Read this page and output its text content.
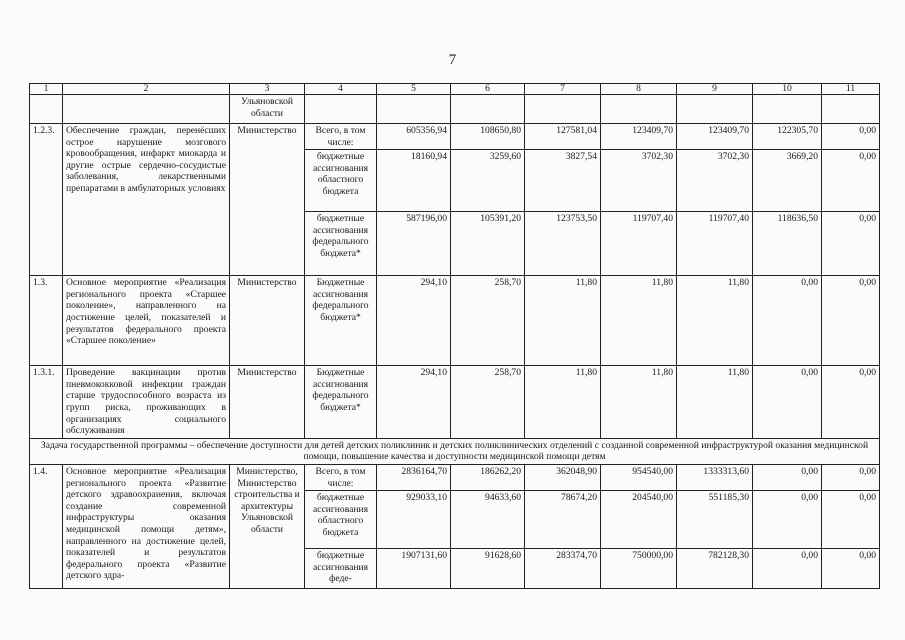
7
1	2	3	4	5	6	7	8	9	10	11
		Ульяновской области								
1.2.3.	Обеспечение граждан, перенёсших острое нарушение мозгового кровообращения, инфаркт миокарда и другие острые сердечно-сосудистые заболевания, лекарственными препаратами в амбулаторных условиях	Министерство	Всего, в том числе:	605356,94	108650,80	127581,04	123409,70	123409,70	122305,70	0,00
			бюджетные ассигнования областного бюджета	18160,94	3259,60	3827,54	3702,30	3702,30	3669,20	0,00
			бюджетные ассигнования федерального бюджета*	587196,00	105391,20	123753,50	119707,40	119707,40	118636,50	0,00
1.3.	Основное мероприятие «Реализация регионального проекта «Старшее поколение», направленного на достижение целей, показателей и результатов федерального проекта «Старшее поколение»	Министерство	Бюджетные ассигнования федерального бюджета*	294,10	258,70	11,80	11,80	11,80	0,00	0,00
1.3.1.	Проведение вакцинации против пневмококковой инфекции граждан старше трудоспособного возраста из групп риска, проживающих в организациях социального обслуживания	Министерство	Бюджетные ассигнования федерального бюджета*	294,10	258,70	11,80	11,80	11,80	0,00	0,00
Задача государственной программы – обеспечение доступности для детей детских поликлиник и детских поликлинических отделений с созданной современной инфраструктурой оказания медицинской помощи, повышение качества и доступности медицинской помощи детям										
1.4.	Основное мероприятие «Реализация регионального проекта «Развитие детского здравоохранения, включая создание современной инфраструктуры оказания медицинской помощи детям», направленного на достижение целей, показателей и результатов федерального проекта «Развитие детского здра-	Министерство, Министерство строительства и архитектуры Ульяновской области	Всего, в том числе:	2836164,70	186262,20	362048,90	954540,00	1333313,60	0,00	0,00
			бюджетные ассигнования областного бюджета	929033,10	94633,60	78674,20	204540,00	551185,30	0,00	0,00
			бюджетные ассигнования феде-	1907131,60	91628,60	283374,70	750000,00	782128,30	0,00	0,00
